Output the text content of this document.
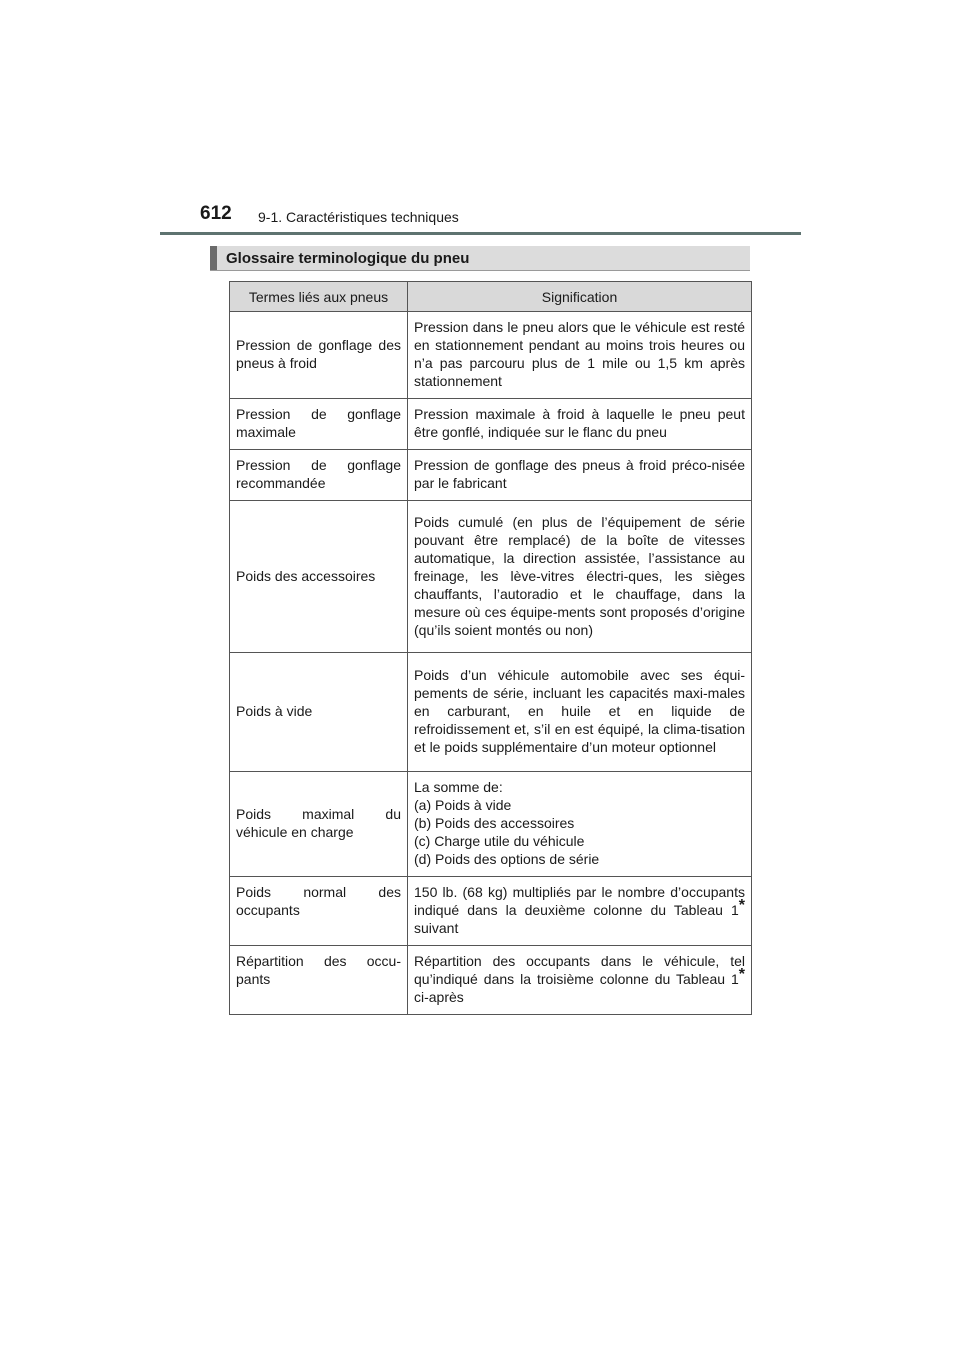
612 9-1. Caractéristiques techniques
Glossaire terminologique du pneu
Termes liés aux pneus	Signification
Pression de gonflage des pneus à froid	Pression dans le pneu alors que le véhicule est resté en stationnement pendant au moins trois heures ou n’a pas parcouru plus de 1 mile ou 1,5 km après stationnement
Pression de gonflage maximale	Pression maximale à froid à laquelle le pneu peut être gonflé, indiquée sur le flanc du pneu
Pression de gonflage recommandée	Pression de gonflage des pneus à froid préco-nisée par le fabricant
Poids des accessoires	Poids cumulé (en plus de l’équipement de série pouvant être remplacé) de la boîte de vitesses automatique, la direction assistée, l’assistance au freinage, les lève-vitres électri-ques, les sièges chauffants, l’autoradio et le chauffage, dans la mesure où ces équipe-ments sont proposés d’origine (qu’ils soient montés ou non)
Poids à vide	Poids d’un véhicule automobile avec ses équi-pements de série, incluant les capacités maxi-males en carburant, en huile et en liquide de refroidissement et, s’il en est équipé, la clima-tisation et le poids supplémentaire d’un moteur optionnel
Poids maximal du véhicule en charge	La somme de:
(a) Poids à vide
(b) Poids des accessoires
(c) Charge utile du véhicule
(d) Poids des options de série

Poids normal des occupants	150 lb. (68 kg) multipliés par le nombre d’occupants indiqué dans la deuxième colonne du Tableau 1* suivant
Répartition des occu-pants	Répartition des occupants dans le véhicule, tel qu’indiqué dans la troisième colonne du Tableau 1* ci-après
